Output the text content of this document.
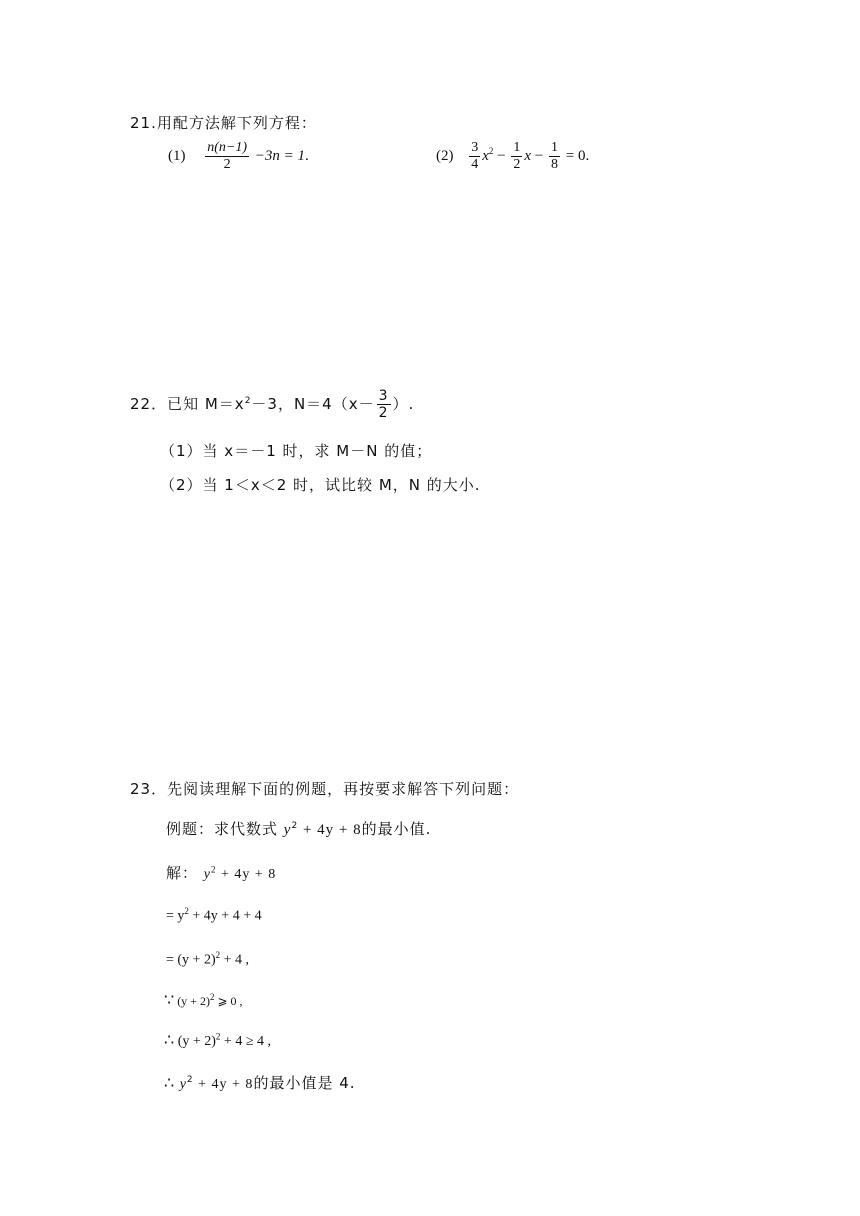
21.用配方法解下列方程：
$(1) \frac{n(n-1)}{2} -3n = 1$.	$(2) \frac{3}{4} x^2 - \frac{1}{2}$ $x - \frac{1}{8} = 0$.
22．已知 $M=x^2-3$，$N=4(x- \frac{3}{2}$ ）.
（1）当 x＝－1 时，求 M－N 的值；
（2）当 1＜x＜2 时，试比较 M，N 的大小.
23．先阅读理解下面的例题，再按要求解答下列问题：
例题：求代数式 $y^2 + 4y + 8$的最小值.
解： $y^2 + 4y + 8$
= $y^2 + 4y + 4 + 4$
= $(y + 2)^2 + 4$ ,
∵ $(y + 2)^2$ ⩾ 0 ,
∴ $(y + 2)^2 + 4 \ge 4$ ,
∴ $y^2 + 4y + 8$的最小值是 4.
